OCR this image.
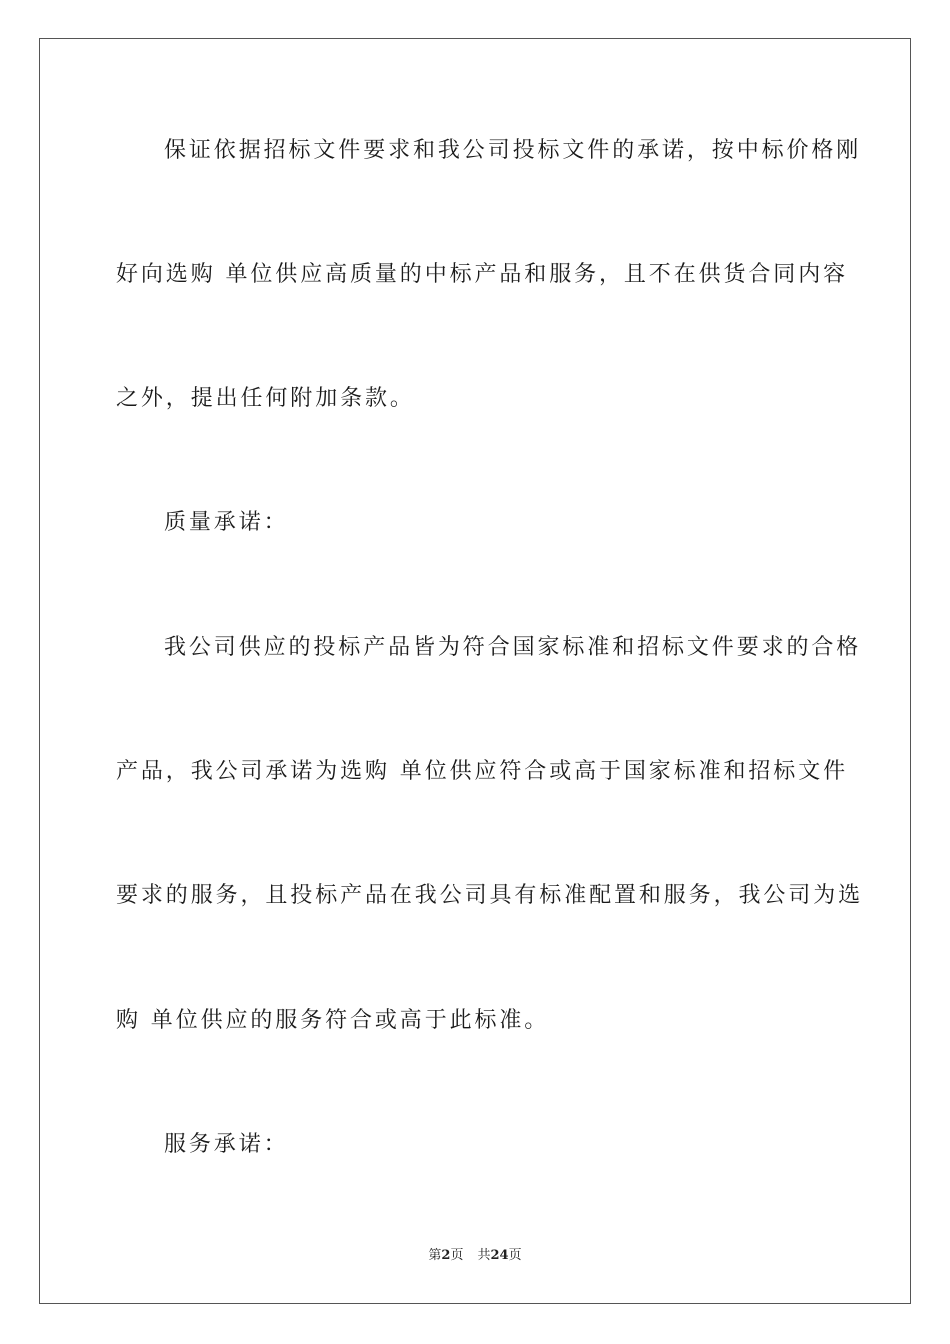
保证依据招标文件要求和我公司投标文件的承诺，按中标价格刚
好向选购 单位供应高质量的中标产品和服务，且不在供货合同内容
之外，提出任何附加条款。
质量承诺：
我公司供应的投标产品皆为符合国家标准和招标文件要求的合格
产品，我公司承诺为选购 单位供应符合或高于国家标准和招标文件
要求的服务，且投标产品在我公司具有标准配置和服务，我公司为选
购 单位供应的服务符合或高于此标准。
服务承诺：
第2页 共24页
